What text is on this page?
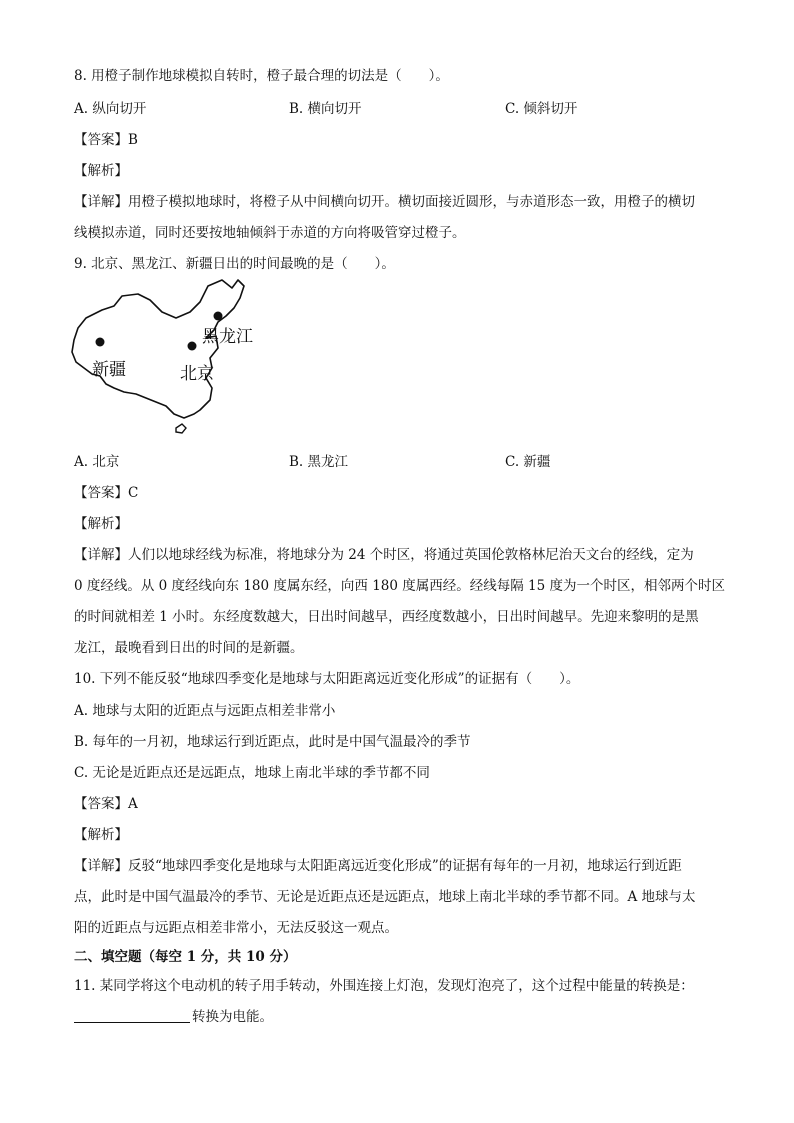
8. 用橙子制作地球模拟自转时，橙子最合理的切法是（　　）。
A. 纵向切开	B. 横向切开	C. 倾斜切开
【答案】B
【解析】
【详解】用橙子模拟地球时，将橙子从中间横向切开。横切面接近圆形，与赤道形态一致，用橙子的横切
线模拟赤道，同时还要按地轴倾斜于赤道的方向将吸管穿过橙子。
9. 北京、黑龙江、新疆日出的时间最晚的是（　　）。
新疆
黑龙江
北京
A. 北京	B. 黑龙江	C. 新疆
【答案】C
【解析】
【详解】人们以地球经线为标准，将地球分为 24 个时区，将通过英国伦敦格林尼治天文台的经线，定为
0 度经线。从 0 度经线向东 180 度属东经，向西 180 度属西经。经线每隔 15 度为一个时区，相邻两个时区
的时间就相差 1 小时。东经度数越大，日出时间越早，西经度数越小，日出时间越早。先迎来黎明的是黑
龙江，最晚看到日出的时间的是新疆。
10. 下列不能反驳“地球四季变化是地球与太阳距离远近变化形成”的证据有（　　）。
A. 地球与太阳的近距点与远距点相差非常小
B. 每年的一月初，地球运行到近距点，此时是中国气温最冷的季节
C. 无论是近距点还是远距点，地球上南北半球的季节都不同
【答案】A
【解析】
【详解】反驳“地球四季变化是地球与太阳距离远近变化形成”的证据有每年的一月初，地球运行到近距
点，此时是中国气温最冷的季节、无论是近距点还是远距点，地球上南北半球的季节都不同。A 地球与太
阳的近距点与远距点相差非常小，无法反驳这一观点。
二、填空题（每空 1 分，共 10 分）
11. 某同学将这个电动机的转子用手转动，外围连接上灯泡，发现灯泡亮了，这个过程中能量的转换是：
转换为电能。
